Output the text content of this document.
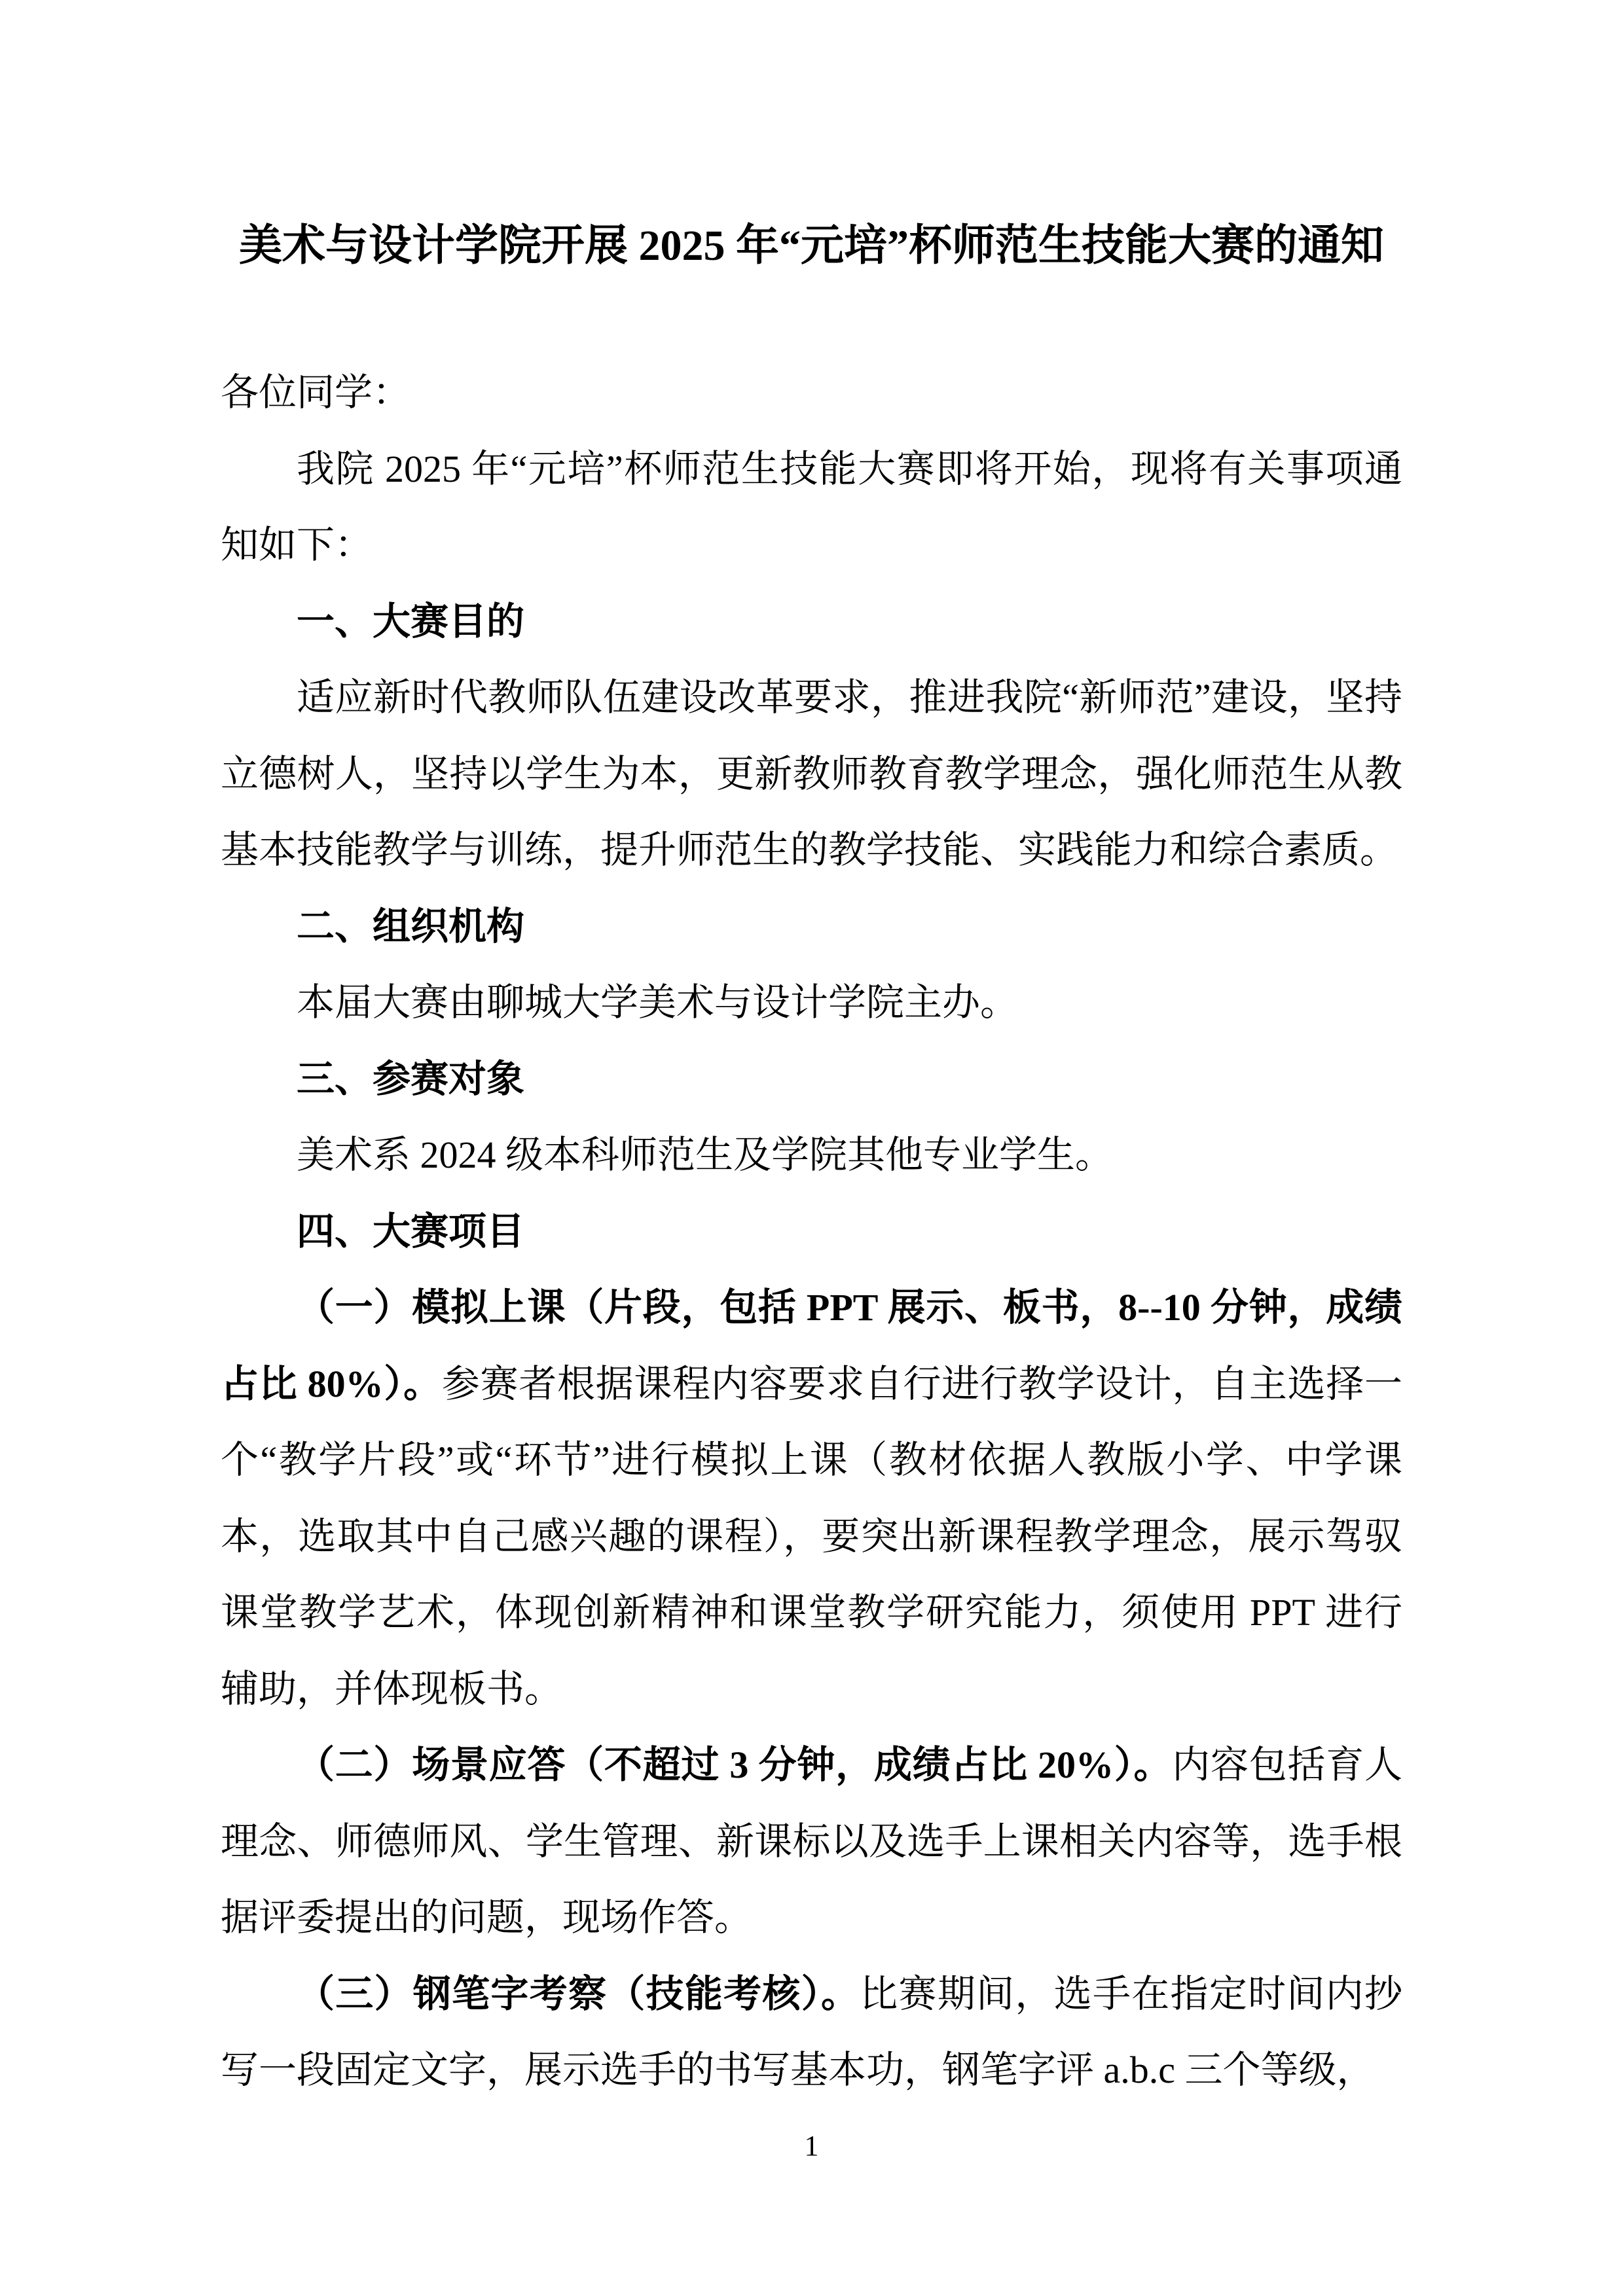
美术与设计学院开展 2025 年“元培”杯师范生技能大赛的通知

各位同学：

我院 2025 年“元培”杯师范生技能大赛即将开始，现将有关事项通知如下：

一、大赛目的

适应新时代教师队伍建设改革要求，推进我院“新师范”建设，坚持立德树人，坚持以学生为本，更新教师教育教学理念，强化师范生从教基本技能教学与训练，提升师范生的教学技能、实践能力和综合素质。

二、组织机构

本届大赛由聊城大学美术与设计学院主办。

三、参赛对象

美术系 2024 级本科师范生及学院其他专业学生。

四、大赛项目

（一）模拟上课（片段，包括 PPT 展示、板书，8--10 分钟，成绩占比 80%）。参赛者根据课程内容要求自行进行教学设计，自主选择一个“教学片段”或“环节”进行模拟上课（教材依据人教版小学、中学课本，选取其中自己感兴趣的课程），要突出新课程教学理念，展示驾驭课堂教学艺术，体现创新精神和课堂教学研究能力，须使用 PPT 进行辅助，并体现板书。

（二）场景应答（不超过 3 分钟，成绩占比 20%）。内容包括育人理念、师德师风、学生管理、新课标以及选手上课相关内容等，选手根据评委提出的问题，现场作答。

（三）钢笔字考察（技能考核）。比赛期间，选手在指定时间内抄写一段固定文字，展示选手的书写基本功，钢笔字评 a.b.c 三个等级，

1
